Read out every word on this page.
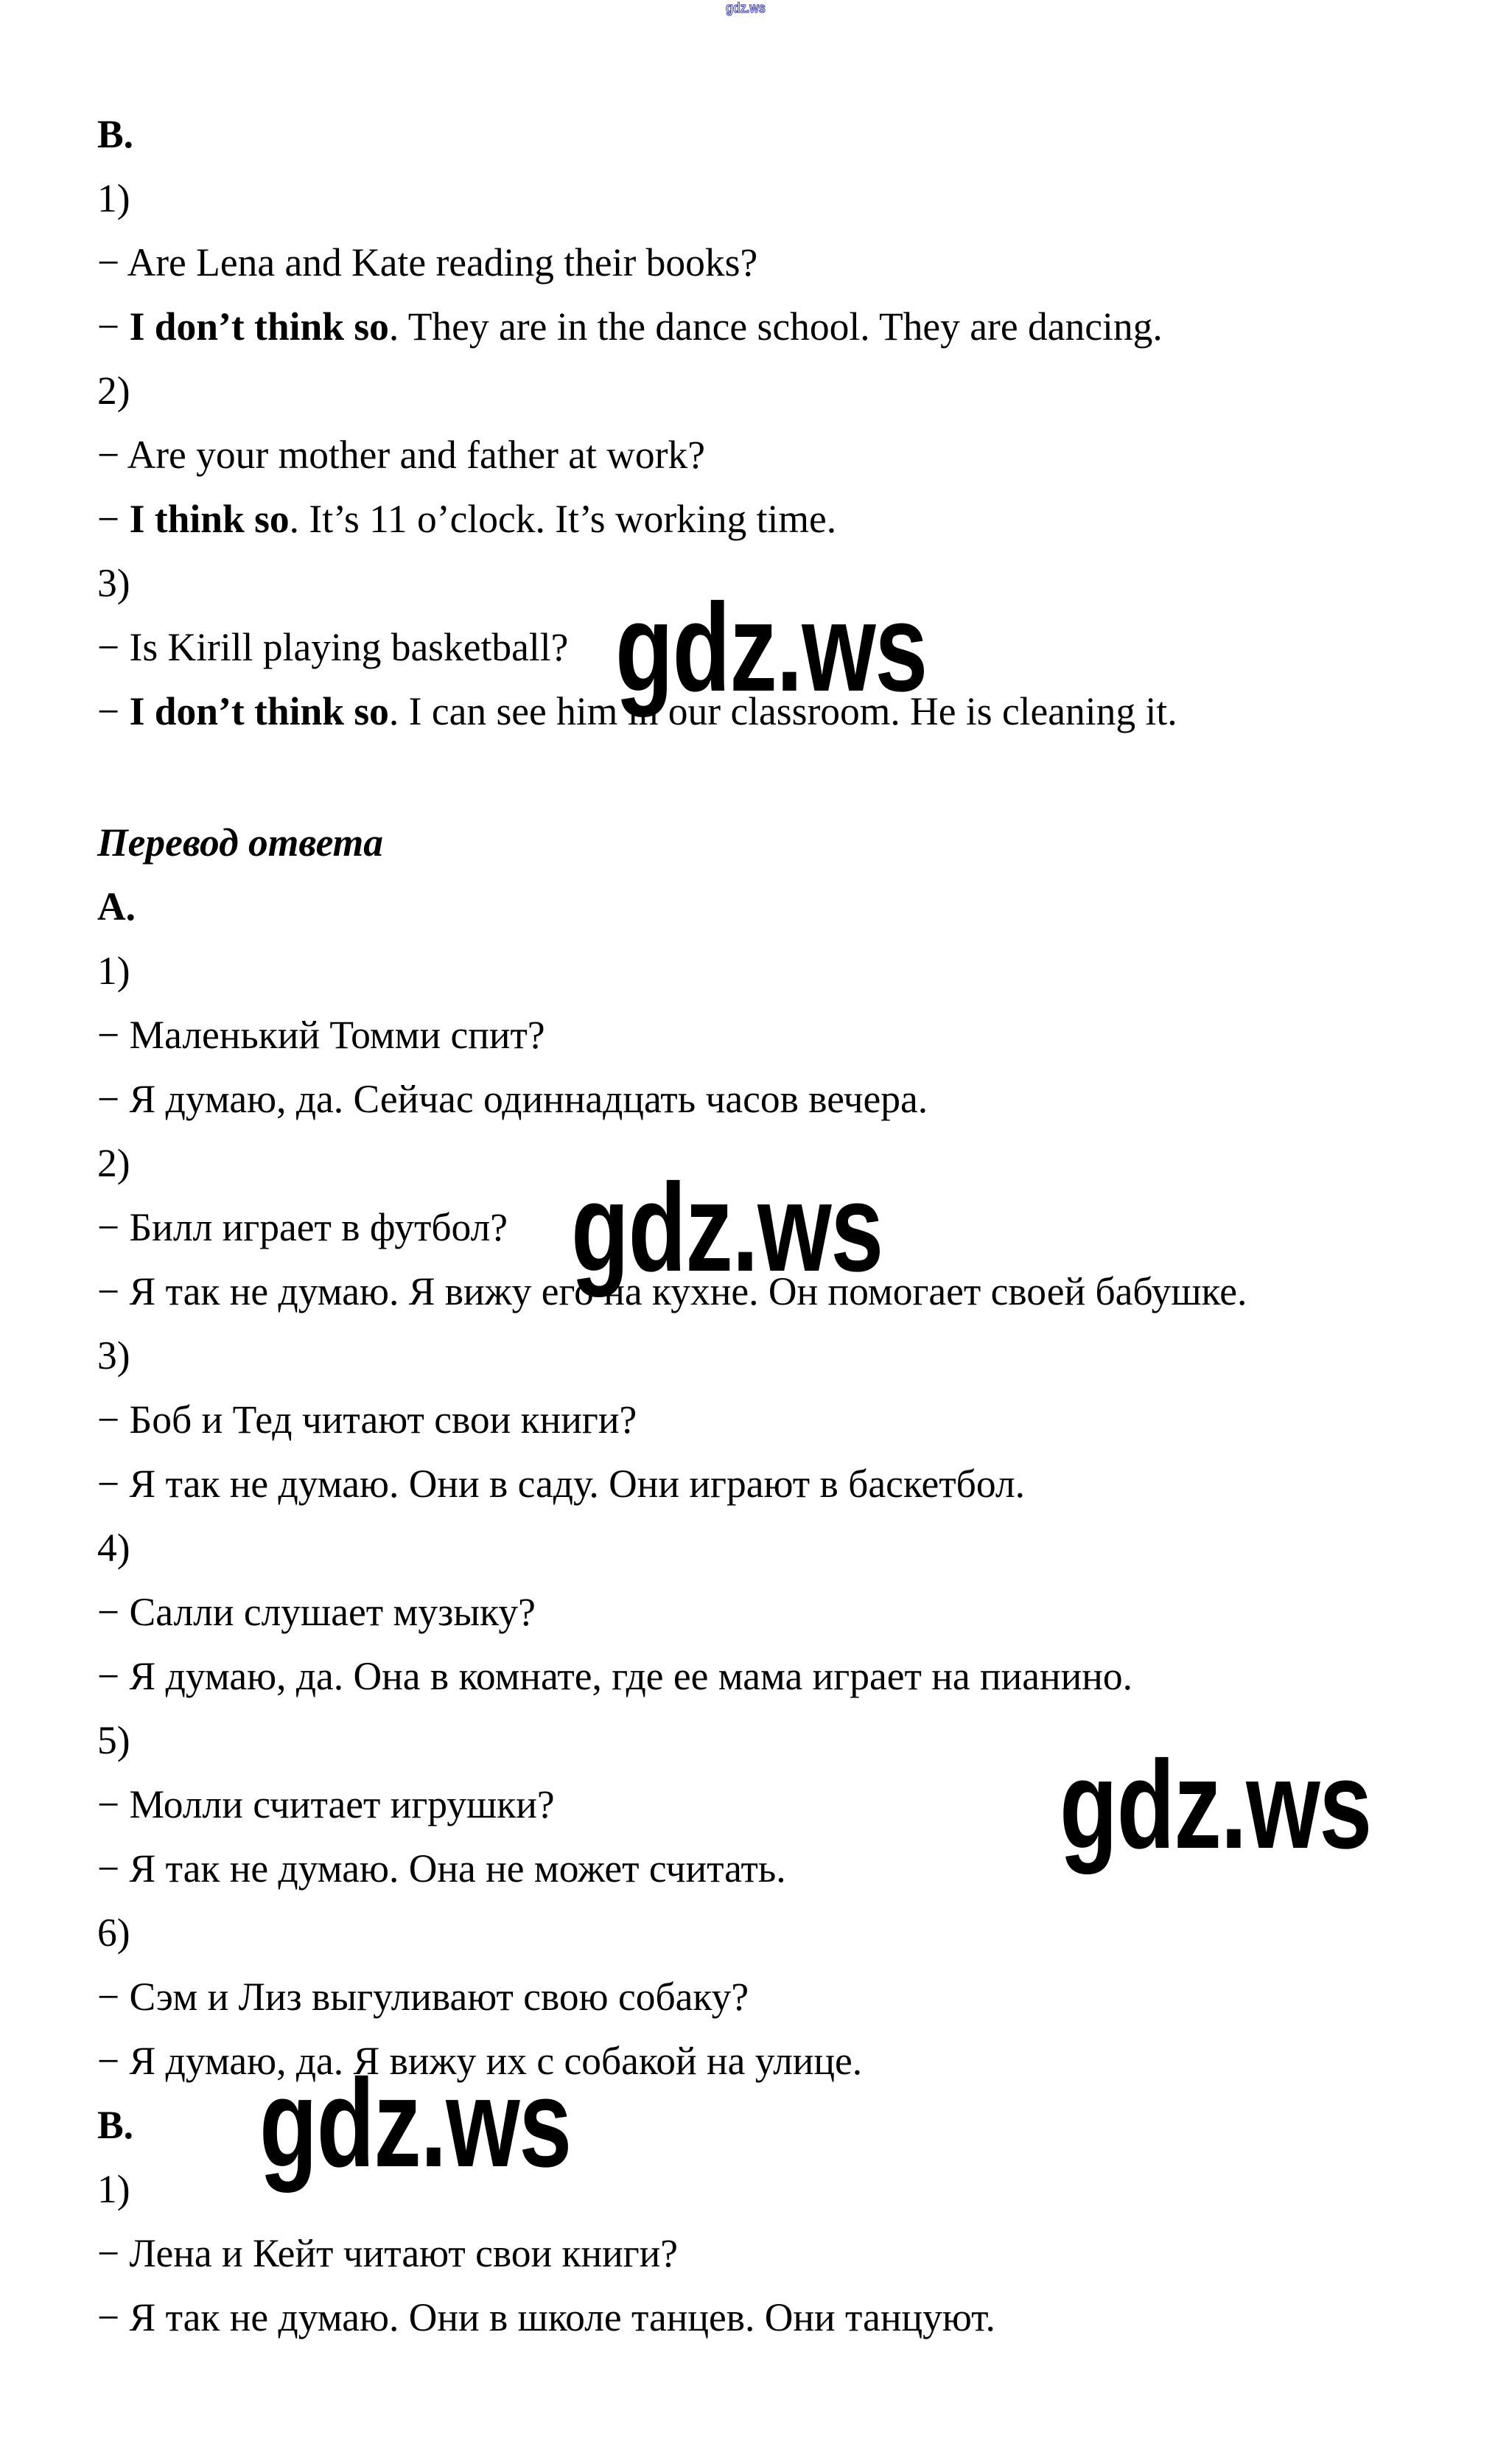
gdz.ws
B.
1)
− Are Lena and Kate reading their books?
− I don’t think so. They are in the dance school. They are dancing.
2)
− Are your mother and father at work?
− I think so. It’s 11 o’clock. It’s working time.
3)
− Is Kirill playing basketball?
− I don’t think so. I can see him in our classroom. He is cleaning it.
Перевод ответа
А.
1)
− Маленький Томми спит?
− Я думаю, да. Сейчас одиннадцать часов вечера.
2)
− Билл играет в футбол?
− Я так не думаю. Я вижу его на кухне. Он помогает своей бабушке.
3)
− Боб и Тед читают свои книги?
− Я так не думаю. Они в саду. Они играют в баскетбол.
4)
− Салли слушает музыку?
− Я думаю, да. Она в комнате, где ее мама играет на пианино.
5)
− Молли считает игрушки?
− Я так не думаю. Она не может считать.
6)
− Сэм и Лиз выгуливают свою собаку?
− Я думаю, да. Я вижу их с собакой на улице.
В.
1)
− Лена и Кейт читают свои книги?
− Я так не думаю. Они в школе танцев. Они танцуют.
gdz.ws
gdz.ws
gdz.ws
gdz.ws
